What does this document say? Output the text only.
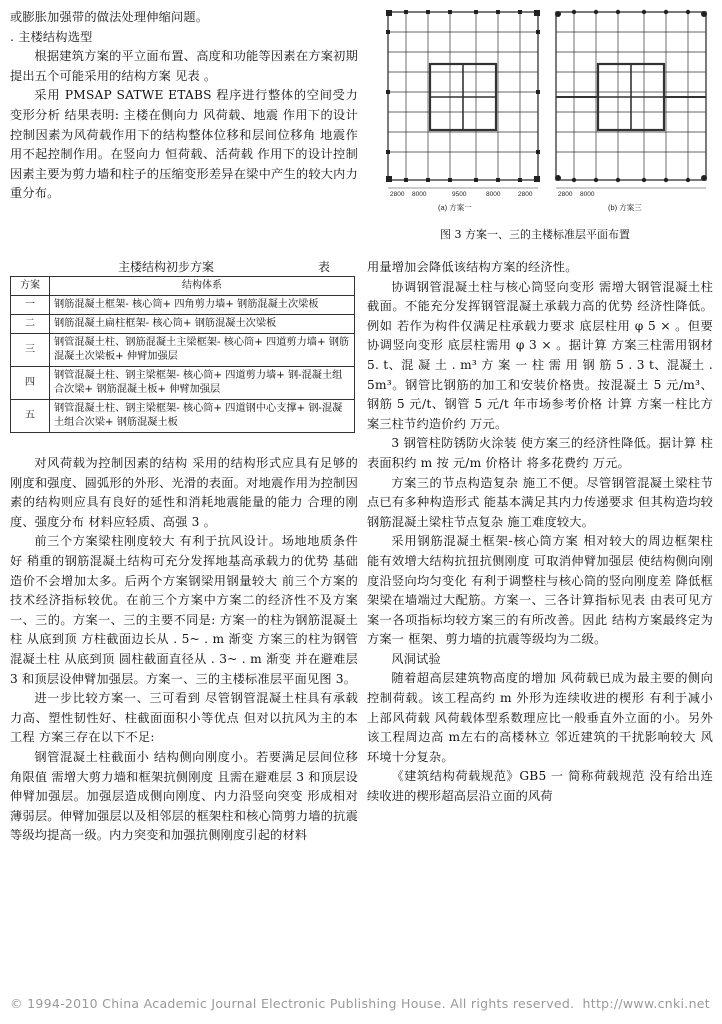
或膨胀加强带的做法处理伸缩问题。

. 主楼结构选型

根据建筑方案的平立面布置、高度和功能等因素在方案初期提出五个可能采用的结构方案 见表 。

采用 PMSAP SATWE ETABS 程序进行整体的空间受力变形分析 结果表明: 主楼在侧向力 风荷载、地震 作用下的设计控制因素为风荷载作用下的结构整体位移和层间位移角 地震作用不起控制作用。在竖向力 恒荷载、活荷载 作用下的设计控制因素主要为剪力墙和柱子的压缩变形差异在梁中产生的较大内力重分布。

主楼结构初步方案	表
方案	结构体系
一	钢筋混凝土框架- 核心筒+ 四角剪力墙+ 钢筋混凝土次梁板
二	钢筋混凝土扁柱框架- 核心筒+ 钢筋混凝土次梁板
三	钢管混凝土柱、钢筋混凝土主梁框架- 核心筒+ 四道剪力墙+ 钢筋混凝土次梁板+ 伸臂加强层
四	钢管混凝土柱、钢主梁框架- 核心筒+ 四道剪力墙+ 钢-混凝土组合次梁+ 钢筋混凝土板+ 伸臂加强层
五	钢管混凝土柱、钢主梁框架- 核心筒+ 四道钢中心支撑+ 钢-混凝土组合次梁+ 钢筋混凝土板

对风荷载为控制因素的结构 采用的结构形式应具有足够的刚度和强度、圆弧形的外形、光滑的表面。对地震作用为控制因素的结构则应具有良好的延性和消耗地震能量的能力 合理的刚度、强度分布 材料应轻质、高强 3 。

前三个方案梁柱刚度较大 有利于抗风设计。场地地质条件好 稍重的钢筋混凝土结构可充分发挥地基高承载力的优势 基础造价不会增加太多。后两个方案钢梁用钢量较大 前三个方案的技术经济指标较优。在前三个方案中方案二的经济性不及方案一、三的。方案一、三的主要不同是: 方案一的柱为钢筋混凝土柱 从底到顶 方柱截面边长从 . 5~ . m 渐变 方案三的柱为钢管混凝土柱 从底到顶 圆柱截面直径从 . 3~ . m 渐变 并在避难层 3 和顶层设伸臂加强层。方案一、三的主楼标准层平面见图 3。

进一步比较方案一、三可看到 尽管钢管混凝土柱具有承载力高、塑性韧性好、柱截面面积小等优点 但对以抗风为主的本工程 方案三存在以下不足:

钢管混凝土柱截面小 结构侧向刚度小。若要满足层间位移角限值 需增大剪力墙和框架抗侧刚度 且需在避难层 3 和顶层设伸臂加强层。加强层造成侧向刚度、内力沿竖向突变 形成相对薄弱层。伸臂加强层以及相邻层的框架柱和核心筒剪力墙的抗震等级均提高一级。内力突变和加强抗侧刚度引起的材料

2800 8000	9500	8000	2800
(a) 方案一
2800 8000
(b) 方案三
图 3 方案一、三的主楼标准层平面布置

用量增加会降低该结构方案的经济性。

协调钢管混凝土柱与核心筒竖向变形 需增大钢管混凝土柱截面。不能充分发挥钢管混凝土承载力高的优势 经济性降低。例如 若作为构件仅满足柱承载力要求 底层柱用 φ 5 × 。但要协调竖向变形 底层柱需用 φ 3 × 。据计算 方案三柱需用钢材 5. t、混 凝 土 . m³ 方 案 一 柱 需 用 钢 筋 5 . 3 t、混凝土 . 5m³。钢管比钢筋的加工和安装价格贵。按混凝土 5 元/m³、钢筋 5 元/t、钢管 5 元/t 年市场参考价格 计算 方案一柱比方案三柱节约造价约 万元。

3 钢管柱防锈防火涂装 使方案三的经济性降低。据计算 柱表面积约 m 按 元/m 价格计 将多花费约 万元。

方案三的节点构造复杂 施工不便。尽管钢管混凝土梁柱节点已有多种构造形式 能基本满足其内力传递要求 但其构造均较钢筋混凝土梁柱节点复杂 施工难度较大。

采用钢筋混凝土框架-核心筒方案 相对较大的周边框架柱 能有效增大结构抗扭抗侧刚度 可取消伸臂加强层 使结构侧向刚度沿竖向均匀变化 有利于调整柱与核心筒的竖向刚度差 降低框架梁在墙端过大配筋。方案一、三各计算指标见表 由表可见方案一各项指标均较方案三的有所改善。因此 结构方案最终定为方案一 框架、剪力墙的抗震等级均为二级。

风洞试验

随着超高层建筑物高度的增加 风荷载已成为最主要的侧向控制荷载。该工程高约 m 外形为连续收进的楔形 有利于减小上部风荷载 风荷载体型系数理应比一般垂直外立面的小。另外 该工程周边高 m左右的高楼林立 邻近建筑的干扰影响较大 风环境十分复杂。

《建筑结构荷载规范》GB5 一 简称荷载规范 没有给出连续收进的楔形超高层沿立面的风荷

© 1994-2010 China Academic Journal Electronic Publishing House. All rights reserved. http://www.cnki.net
